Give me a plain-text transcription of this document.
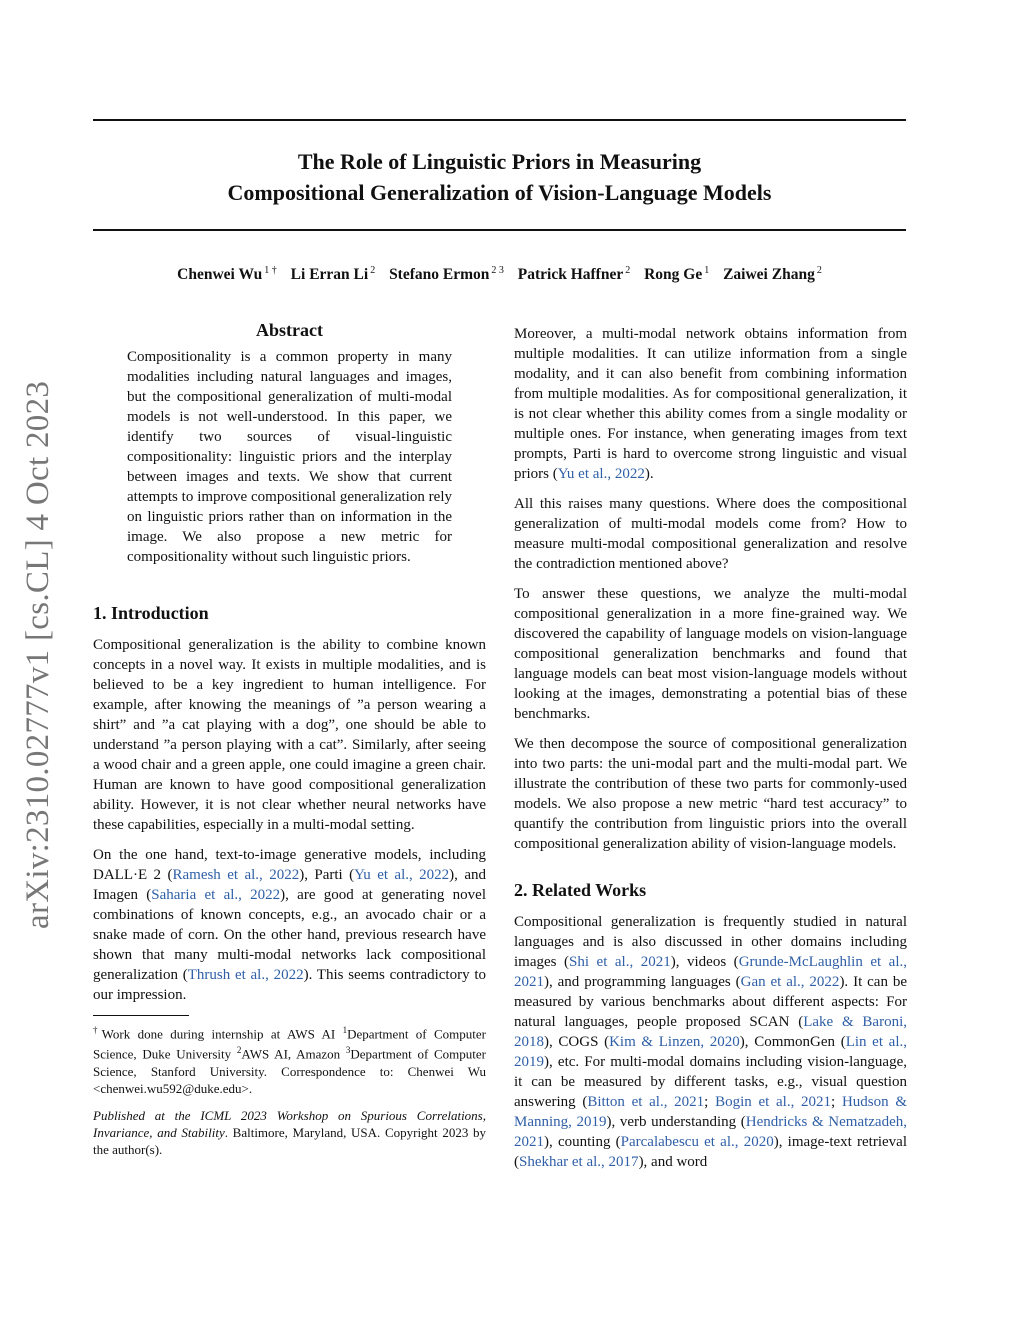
arXiv:2310.02777v1 [cs.CL] 4 Oct 2023
The Role of Linguistic Priors in Measuring
Compositional Generalization of Vision-Language Models
Chenwei Wu $^{1 \dagger}$ Li Erran Li $^2$ Stefano Ermon $^{2 3}$ Patrick Haffner $^2$ Rong Ge $^1$ Zaiwei Zhang $^2$
Abstract

Compositionality is a common property in many modalities including natural languages and images, but the compositional generalization of multi-modal models is not well-understood. In this paper, we identify two sources of visual-linguistic compositionality: linguistic priors and the interplay between images and texts. We show that current attempts to improve compositional generalization rely on linguistic priors rather than on information in the image. We also propose a new metric for compositionality without such linguistic priors.

1. Introduction

Compositional generalization is the ability to combine known concepts in a novel way. It exists in multiple modalities, and is believed to be a key ingredient to human intelligence. For example, after knowing the meanings of ”a person wearing a shirt” and ”a cat playing with a dog”, one should be able to understand ”a person playing with a cat”. Similarly, after seeing a wood chair and a green apple, one could imagine a green chair. Human are known to have good compositional generalization ability. However, it is not clear whether neural networks have these capabilities, especially in a multi-modal setting.

On the one hand, text-to-image generative models, including DALL·E 2 (Ramesh et al., 2022), Parti (Yu et al., 2022), and Imagen (Saharia et al., 2022), are good at generating novel combinations of known concepts, e.g., an avocado chair or a snake made of corn. On the other hand, previous research have shown that many multi-modal networks lack compositional generalization (Thrush et al., 2022). This seems contradictory to our impression.

†Work done during internship at AWS AI $^1$Department of Computer Science, Duke University $^2$AWS AI, Amazon $^3$Department of Computer Science, Stanford University. Correspondence to: Chenwei Wu <chenwei.wu592@duke.edu>.

Published at the ICML 2023 Workshop on Spurious Correlations, Invariance, and Stability. Baltimore, Maryland, USA. Copyright 2023 by the author(s).

Moreover, a multi-modal network obtains information from multiple modalities. It can utilize information from a single modality, and it can also benefit from combining information from multiple modalities. As for compositional generalization, it is not clear whether this ability comes from a single modality or multiple ones. For instance, when generating images from text prompts, Parti is hard to overcome strong linguistic and visual priors (Yu et al., 2022).

All this raises many questions. Where does the compositional generalization of multi-modal models come from? How to measure multi-modal compositional generalization and resolve the contradiction mentioned above?

To answer these questions, we analyze the multi-modal compositional generalization in a more fine-grained way. We discovered the capability of language models on vision-language compositional generalization benchmarks and found that language models can beat most vision-language models without looking at the images, demonstrating a potential bias of these benchmarks.

We then decompose the source of compositional generalization into two parts: the uni-modal part and the multi-modal part. We illustrate the contribution of these two parts for commonly-used models. We also propose a new metric “hard test accuracy” to quantify the contribution from linguistic priors into the overall compositional generalization ability of vision-language models.

2. Related Works

Compositional generalization is frequently studied in natural languages and is also discussed in other domains including images (Shi et al., 2021), videos (Grunde-McLaughlin et al., 2021), and programming languages (Gan et al., 2022). It can be measured by various benchmarks about different aspects: For natural languages, people proposed SCAN (Lake & Baroni, 2018), COGS (Kim & Linzen, 2020), CommonGen (Lin et al., 2019), etc. For multi-modal domains including vision-language, it can be measured by different tasks, e.g., visual question answering (Bitton et al., 2021; Bogin et al., 2021; Hudson & Manning, 2019), verb understanding (Hendricks & Nematzadeh, 2021), counting (Parcalabescu et al., 2020), image-text retrieval (Shekhar et al., 2017), and word
